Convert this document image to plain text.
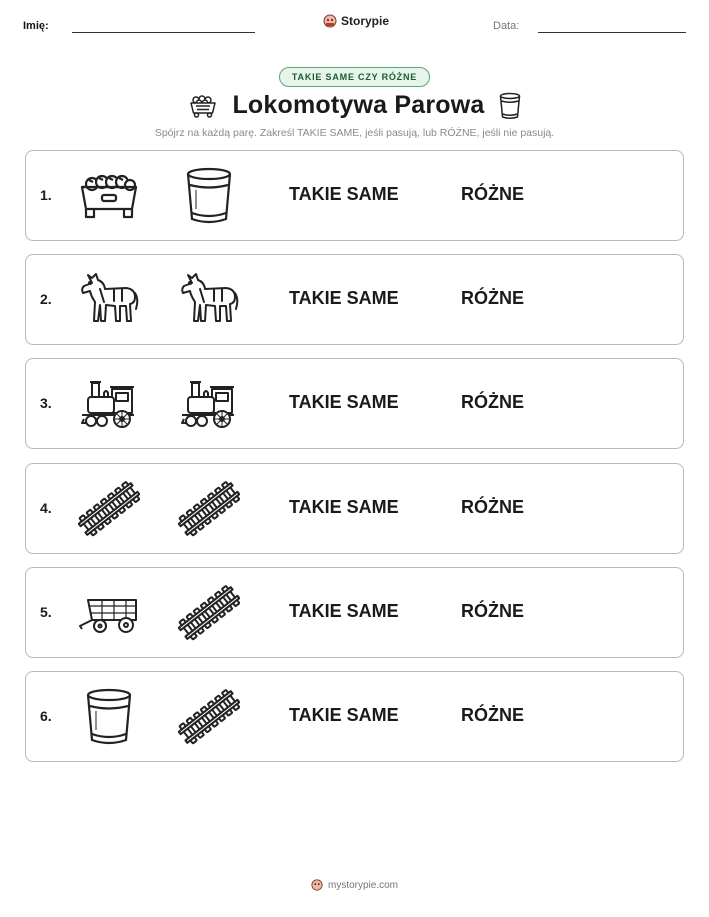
Imię:	Storypie	Data:
TAKIE SAME CZY RÓŻNE
Lokomotywa Parowa
Spójrz na każdą parę. Zakreśl TAKIE SAME, jeśli pasują, lub RÓŻNE, jeśli nie pasują.
1.	TAKIE SAME	RÓŻNE
2.	TAKIE SAME	RÓŻNE
3.	TAKIE SAME	RÓŻNE
4.	TAKIE SAME	RÓŻNE
5.	TAKIE SAME	RÓŻNE
6.	TAKIE SAME	RÓŻNE
mystorypie.com
